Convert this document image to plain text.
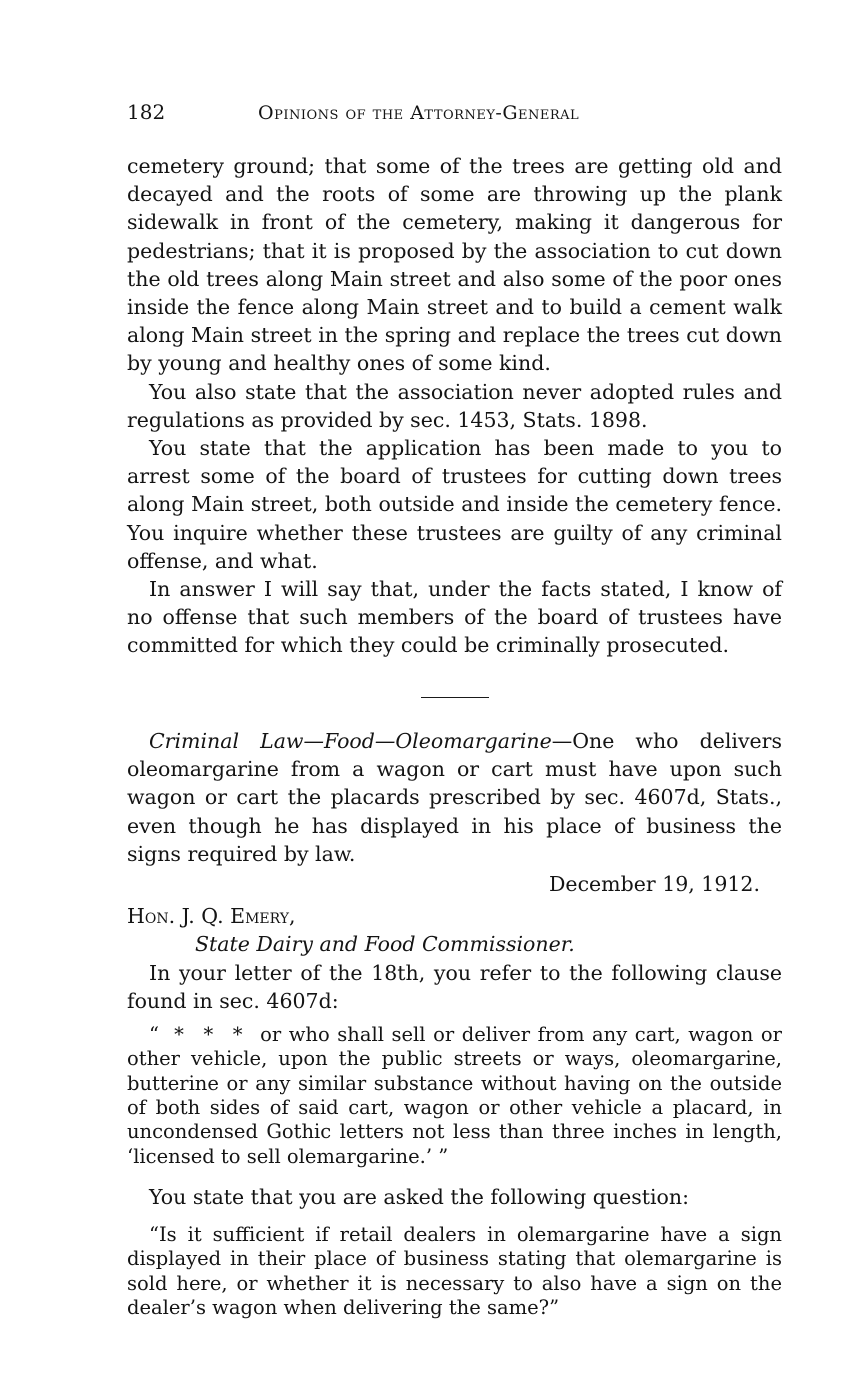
182	Opinions of the Attorney-General

cemetery ground; that some of the trees are getting old and decayed and the roots of some are throwing up the plank sidewalk in front of the cemetery, making it dangerous for pedestrians; that it is proposed by the association to cut down the old trees along Main street and also some of the poor ones inside the fence along Main street and to build a cement walk along Main street in the spring and replace the trees cut down by young and healthy ones of some kind.

You also state that the association never adopted rules and regulations as provided by sec. 1453, Stats. 1898.

You state that the application has been made to you to arrest some of the board of trustees for cutting down trees along Main street, both outside and inside the cemetery fence. You inquire whether these trustees are guilty of any criminal offense, and what.

In answer I will say that, under the facts stated, I know of no offense that such members of the board of trustees have committed for which they could be criminally prosecuted.

Criminal Law—Food—Oleomargarine—One who delivers oleomargarine from a wagon or cart must have upon such wagon or cart the placards prescribed by sec. 4607d, Stats., even though he has displayed in his place of business the signs required by law.

December 19, 1912.
Hon. J. Q. Emery,
State Dairy and Food Commissioner.

In your letter of the 18th, you refer to the following clause found in sec. 4607d:

“ * * * or who shall sell or deliver from any cart, wagon or other vehicle, upon the public streets or ways, oleomargarine, butterine or any similar substance without having on the outside of both sides of said cart, wagon or other vehicle a placard, in uncondensed Gothic letters not less than three inches in length, ‘licensed to sell olemargarine.’ ”

You state that you are asked the following question:

“Is it sufficient if retail dealers in olemargarine have a sign displayed in their place of business stating that olemargarine is sold here, or whether it is necessary to also have a sign on the dealer’s wagon when delivering the same?”
